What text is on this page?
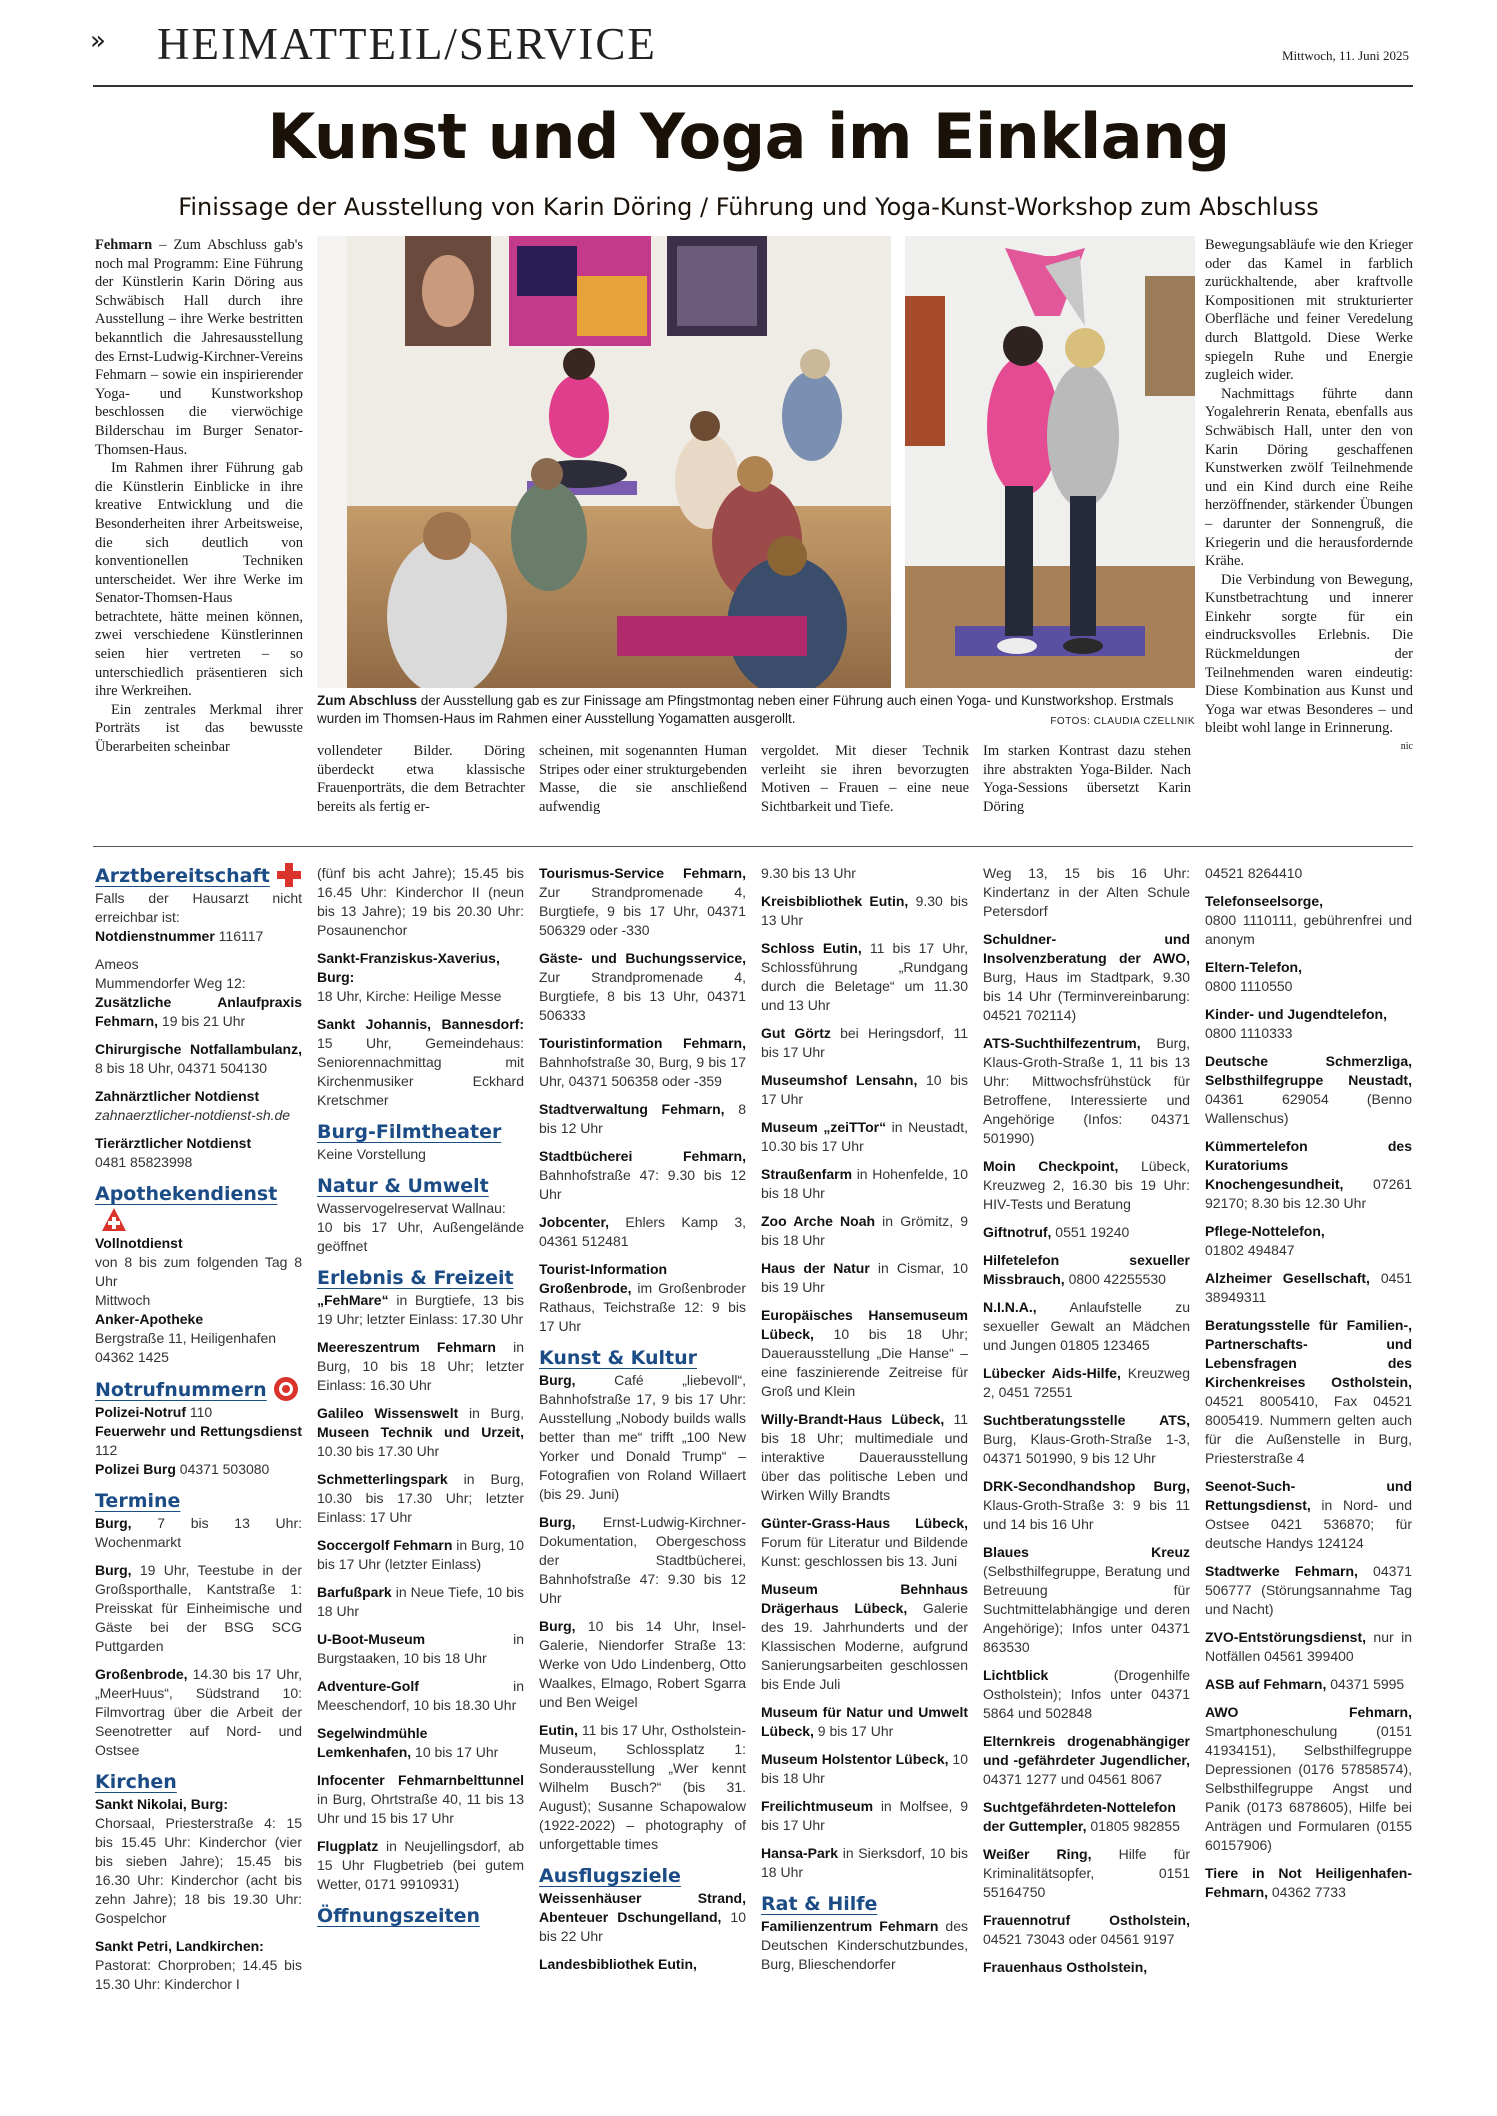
» HEIMATTEIL/SERVICE	Mittwoch, 11. Juni 2025
Kunst und Yoga im Einklang
Finissage der Ausstellung von Karin Döring / Führung und Yoga-Kunst-Workshop zum Abschluss

Fehmarn – Zum Abschluss gab's noch mal Programm: Eine Führung der Künstlerin Karin Döring aus Schwäbisch Hall durch ihre Ausstellung – ihre Werke bestritten bekanntlich die Jahresausstellung des Ernst-Ludwig-Kirchner-Vereins Fehmarn – sowie ein inspirierender Yoga- und Kunstworkshop beschlossen die vierwöchige Bilderschau im Burger Senator-Thomsen-Haus.

Im Rahmen ihrer Führung gab die Künstlerin Einblicke in ihre kreative Entwicklung und die Besonderheiten ihrer Arbeitsweise, die sich deutlich von konventionellen Techniken unterscheidet. Wer ihre Werke im Senator-Thomsen-Haus betrachtete, hätte meinen können, zwei verschiedene Künstlerinnen seien hier vertreten – so unterschiedlich präsentieren sich ihre Werkreihen.

Ein zentrales Merkmal ihrer Porträts ist das bewusste Überarbeiten scheinbar

Zum Abschluss der Ausstellung gab es zur Finissage am Pfingstmontag neben einer Führung auch einen Yoga- und Kunstworkshop. Erstmals wurden im Thomsen-Haus im Rahmen einer Ausstellung Yogamatten ausgerollt.	FOTOS: CLAUDIA CZELLNIK
vollendeter Bilder. Döring überdeckt etwa klassische Frauenporträts, die dem Betrachter bereits als fertig er-
scheinen, mit sogenannten Human Stripes oder einer strukturgebenden Masse, die sie anschließend aufwendig
vergoldet. Mit dieser Technik verleiht sie ihren bevorzugten Motiven – Frauen – eine neue Sichtbarkeit und Tiefe.
Im starken Kontrast dazu stehen ihre abstrakten Yoga-Bilder. Nach Yoga-Sessions übersetzt Karin Döring

Bewegungsabläufe wie den Krieger oder das Kamel in farblich zurückhaltende, aber kraftvolle Kompositionen mit strukturierter Oberfläche und feiner Veredelung durch Blattgold. Diese Werke spiegeln Ruhe und Energie zugleich wider.

Nachmittags führte dann Yogalehrerin Renata, ebenfalls aus Schwäbisch Hall, unter den von Karin Döring geschaffenen Kunstwerken zwölf Teilnehmende und ein Kind durch eine Reihe herzöffnender, stärkender Übungen – darunter der Sonnengruß, die Kriegerin und die herausfordernde Krähe.

Die Verbindung von Bewegung, Kunstbetrachtung und innerer Einkehr sorgte für ein eindrucksvolles Erlebnis. Die Rückmeldungen der Teilnehmenden waren eindeutig: Diese Kombination aus Kunst und Yoga war etwas Besonderes – und bleibt wohl lange in Erinnerung.

nic

Arztbereitschaft
Falls der Hausarzt nicht erreichbar ist:
Notdienstnummer 116117
Ameos
Mummendorfer Weg 12:
Zusätzliche Anlaufpraxis Fehmarn, 19 bis 21 Uhr
Chirurgische Notfallambulanz, 8 bis 18 Uhr, 04371 504130
Zahnärztlicher Notdienst
zahnaerztlicher-notdienst-sh.de
Tierärztlicher Notdienst
0481 85823998
Apothekendienst
Vollnotdienst
von 8 bis zum folgenden Tag 8 Uhr
Mittwoch
Anker-Apotheke
Bergstraße 11, Heiligenhafen
04362 1425
Notrufnummern
Polizei-Notruf 110
Feuerwehr und Rettungsdienst 112
Polizei Burg 04371 503080
Termine
Burg, 7 bis 13 Uhr: Wochenmarkt
Burg, 19 Uhr, Teestube in der Großsporthalle, Kantstraße 1: Preisskat für Einheimische und Gäste bei der BSG SCG Puttgarden
Großenbrode, 14.30 bis 17 Uhr, „MeerHuus“, Südstrand 10: Filmvortrag über die Arbeit der Seenotretter auf Nord- und Ostsee
Kirchen
Sankt Nikolai, Burg:
Chorsaal, Priesterstraße 4: 15 bis 15.45 Uhr: Kinderchor (vier bis sieben Jahre); 15.45 bis 16.30 Uhr: Kinderchor (acht bis zehn Jahre); 18 bis 19.30 Uhr: Gospelchor
Sankt Petri, Landkirchen:
Pastorat: Chorproben; 14.45 bis 15.30 Uhr: Kinderchor I
(fünf bis acht Jahre); 15.45 bis 16.45 Uhr: Kinderchor II (neun bis 13 Jahre); 19 bis 20.30 Uhr: Posaunenchor
Sankt-Franziskus-Xaverius, Burg:
18 Uhr, Kirche: Heilige Messe
Sankt Johannis, Bannesdorf: 15 Uhr, Gemeindehaus: Seniorennachmittag mit Kirchenmusiker Eckhard Kretschmer
Burg-Filmtheater
Keine Vorstellung
Natur & Umwelt
Wasservogelreservat Wallnau:
10 bis 17 Uhr, Außengelände geöffnet
Erlebnis & Freizeit
„FehMare“ in Burgtiefe, 13 bis 19 Uhr; letzter Einlass: 17.30 Uhr
Meereszentrum Fehmarn in Burg, 10 bis 18 Uhr; letzter Einlass: 16.30 Uhr
Galileo Wissenswelt in Burg, Museen Technik und Urzeit, 10.30 bis 17.30 Uhr
Schmetterlingspark in Burg, 10.30 bis 17.30 Uhr; letzter Einlass: 17 Uhr
Soccergolf Fehmarn in Burg, 10 bis 17 Uhr (letzter Einlass)
Barfußpark in Neue Tiefe, 10 bis 18 Uhr
U-Boot-Museum in Burgstaaken, 10 bis 18 Uhr
Adventure-Golf in Meeschendorf, 10 bis 18.30 Uhr
Segelwindmühle Lemkenhafen, 10 bis 17 Uhr
Infocenter Fehmarnbelttunnel in Burg, Ohrtstraße 40, 11 bis 13 Uhr und 15 bis 17 Uhr
Flugplatz in Neujellingsdorf, ab 15 Uhr Flugbetrieb (bei gutem Wetter, 0171 9910931)
Öffnungszeiten
Tourismus-Service Fehmarn, Zur Strandpromenade 4, Burgtiefe, 9 bis 17 Uhr, 04371 506329 oder -330
Gäste- und Buchungsservice, Zur Strandpromenade 4, Burgtiefe, 8 bis 13 Uhr, 04371 506333
Touristinformation Fehmarn, Bahnhofstraße 30, Burg, 9 bis 17 Uhr, 04371 506358 oder -359
Stadtverwaltung Fehmarn, 8 bis 12 Uhr
Stadtbücherei Fehmarn, Bahnhofstraße 47: 9.30 bis 12 Uhr
Jobcenter, Ehlers Kamp 3, 04361 512481
Tourist-Information Großenbrode, im Großenbroder Rathaus, Teichstraße 12: 9 bis 17 Uhr
Kunst & Kultur
Burg, Café „liebevoll“, Bahnhofstraße 17, 9 bis 17 Uhr: Ausstellung „Nobody builds walls better than me“ trifft „100 New Yorker und Donald Trump“ – Fotografien von Roland Willaert (bis 29. Juni)
Burg, Ernst-Ludwig-Kirchner-Dokumentation, Obergeschoss der Stadtbücherei, Bahnhofstraße 47: 9.30 bis 12 Uhr
Burg, 10 bis 14 Uhr, Insel-Galerie, Niendorfer Straße 13: Werke von Udo Lindenberg, Otto Waalkes, Elmago, Robert Sgarra und Ben Weigel
Eutin, 11 bis 17 Uhr, Ostholstein-Museum, Schlossplatz 1: Sonderausstellung „Wer kennt Wilhelm Busch?“ (bis 31. August); Susanne Schapowalow (1922-2022) – photography of unforgettable times
Ausflugsziele
Weissenhäuser Strand, Abenteuer Dschungelland, 10 bis 22 Uhr
Landesbibliothek Eutin,
9.30 bis 13 Uhr
Kreisbibliothek Eutin, 9.30 bis 13 Uhr
Schloss Eutin, 11 bis 17 Uhr, Schlossführung „Rundgang durch die Beletage“ um 11.30 und 13 Uhr
Gut Görtz bei Heringsdorf, 11 bis 17 Uhr
Museumshof Lensahn, 10 bis 17 Uhr
Museum „zeiTTor“ in Neustadt, 10.30 bis 17 Uhr
Straußenfarm in Hohenfelde, 10 bis 18 Uhr
Zoo Arche Noah in Grömitz, 9 bis 18 Uhr
Haus der Natur in Cismar, 10 bis 19 Uhr
Europäisches Hansemuseum Lübeck, 10 bis 18 Uhr; Dauerausstellung „Die Hanse“ – eine faszinierende Zeitreise für Groß und Klein
Willy-Brandt-Haus Lübeck, 11 bis 18 Uhr; multimediale und interaktive Dauerausstellung über das politische Leben und Wirken Willy Brandts
Günter-Grass-Haus Lübeck, Forum für Literatur und Bildende Kunst: geschlossen bis 13. Juni
Museum Behnhaus Drägerhaus Lübeck, Galerie des 19. Jahrhunderts und der Klassischen Moderne, aufgrund Sanierungsarbeiten geschlossen bis Ende Juli
Museum für Natur und Umwelt Lübeck, 9 bis 17 Uhr
Museum Holstentor Lübeck, 10 bis 18 Uhr
Freilichtmuseum in Molfsee, 9 bis 17 Uhr
Hansa-Park in Sierksdorf, 10 bis 18 Uhr
Rat & Hilfe
Familienzentrum Fehmarn des Deutschen Kinderschutzbundes, Burg, Blieschendorfer
Weg 13, 15 bis 16 Uhr: Kindertanz in der Alten Schule Petersdorf
Schuldner- und Insolvenzberatung der AWO, Burg, Haus im Stadtpark, 9.30 bis 14 Uhr (Terminvereinbarung: 04521 702114)
ATS-Suchthilfezentrum, Burg, Klaus-Groth-Straße 1, 11 bis 13 Uhr: Mittwochsfrühstück für Betroffene, Interessierte und Angehörige (Infos: 04371 501990)
Moin Checkpoint, Lübeck, Kreuzweg 2, 16.30 bis 19 Uhr: HIV-Tests und Beratung
Giftnotruf, 0551 19240
Hilfetelefon sexueller Missbrauch, 0800 42255530
N.I.N.A., Anlaufstelle zu sexueller Gewalt an Mädchen und Jungen 01805 123465
Lübecker Aids-Hilfe, Kreuzweg 2, 0451 72551
Suchtberatungsstelle ATS, Burg, Klaus-Groth-Straße 1-3, 04371 501990, 9 bis 12 Uhr
DRK-Secondhandshop Burg, Klaus-Groth-Straße 3: 9 bis 11 und 14 bis 16 Uhr
Blaues Kreuz (Selbsthilfegruppe, Beratung und Betreuung für Suchtmittelabhängige und deren Angehörige); Infos unter 04371 863530
Lichtblick (Drogenhilfe Ostholstein); Infos unter 04371 5864 und 502848
Elternkreis drogenabhängiger und -gefährdeter Jugendlicher, 04371 1277 und 04561 8067
Suchtgefährdeten-Nottelefon der Guttempler, 01805 982855
Weißer Ring, Hilfe für Kriminalitätsopfer, 0151 55164750
Frauennotruf Ostholstein, 04521 73043 oder 04561 9197
Frauenhaus Ostholstein,
04521 8264410
Telefonseelsorge,
0800 1110111, gebührenfrei und anonym
Eltern-Telefon,
0800 1110550
Kinder- und Jugendtelefon,
0800 1110333
Deutsche Schmerzliga, Selbsthilfegruppe Neustadt, 04361 629054 (Benno Wallenschus)
Kümmertelefon des Kuratoriums Knochengesundheit, 07261 92170; 8.30 bis 12.30 Uhr
Pflege-Nottelefon,
01802 494847
Alzheimer Gesellschaft, 0451 38949311
Beratungsstelle für Familien-, Partnerschafts- und Lebensfragen des Kirchenkreises Ostholstein, 04521 8005410, Fax 04521 8005419. Nummern gelten auch für die Außenstelle in Burg, Priesterstraße 4
Seenot-Such- und Rettungsdienst, in Nord- und Ostsee 0421 536870; für deutsche Handys 124124
Stadtwerke Fehmarn, 04371 506777 (Störungsannahme Tag und Nacht)
ZVO-Entstörungsdienst, nur in Notfällen 04561 399400
ASB auf Fehmarn, 04371 5995
AWO Fehmarn, Smartphoneschulung (0151 41934151), Selbsthilfegruppe Depressionen (0176 57858574), Selbsthilfegruppe Angst und Panik (0173 6878605), Hilfe bei Anträgen und Formularen (0155 60157906)
Tiere in Not Heiligenhafen-Fehmarn, 04362 7733
